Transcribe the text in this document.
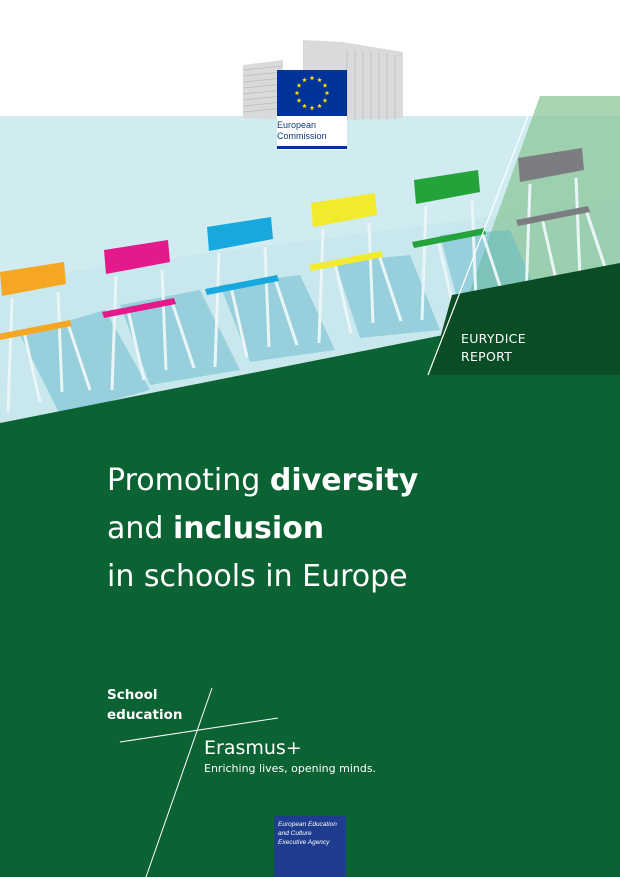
European
Commission
EURYDICE
REPORT
Promoting diversity
and inclusion
in schools in Europe
School
education
Erasmus+
Enriching lives, opening minds.
European Education
and Culture
Executive Agency
